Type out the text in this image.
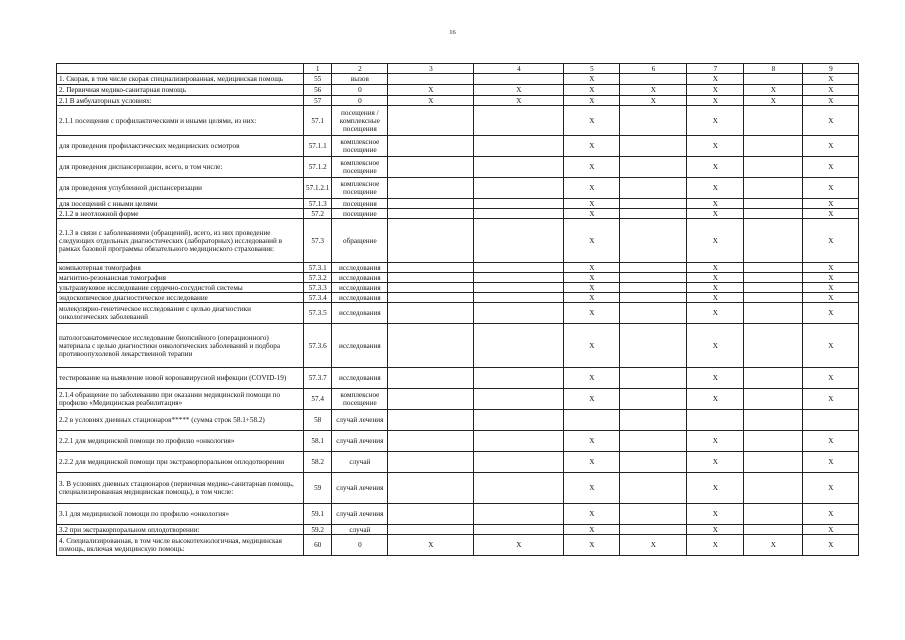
16
	1	2	3	4	5	6	7	8	9
1. Скорая, в том числе скорая специализированная, медицинская помощь	55	вызов			Х		Х		Х
2. Первичная медико-санитарная помощь	56	0	Х	Х	Х	Х	Х	Х	Х
2.1 В амбулаторных условиях:	57	0	Х	Х	Х	Х	Х	Х	Х
2.1.1 посещения с профилактическими и иными целями, из них:	57.1	посещения / комплексные посещения			Х		Х		Х
для проведения профилактических медицинских осмотров	57.1.1	комплексное посещение			Х		Х		Х
для проведения диспансеризации, всего, в том числе:	57.1.2	комплексное посещение			Х		Х		Х
для проведения углубленной диспансеризации	57.1.2.1	комплексное посещение			Х		Х		Х
для посещений с иными целями	57.1.3	посещения			Х		Х		Х
2.1.2 в неотложной форме	57.2	посещение			Х		Х		Х
2.1.3 в связи с заболеваниями (обращений), всего, из них проведение следующих отдельных диагностических (лабораторных) исследований в рамках базовой программы обязательного медицинского страхования:	57.3	обращение			Х		Х		Х
компьютерная томография	57.3.1	исследования			Х		Х		Х
магнитно-резонансная томография	57.3.2	исследования			Х		Х		Х
ультразвуковое исследование сердечно-сосудистой системы	57.3.3	исследования			Х		Х		Х
эндоскопическое диагностическое исследование	57.3.4	исследования			Х		Х		Х
молекулярно-генетическое исследование с целью диагностики онкологических заболеваний	57.3.5	исследования			Х		Х		Х
патологоанатомическое исследование биопсийного (операционного) материала с целью диагностики онкологических заболеваний и подбора противоопухолевой лекарственной терапии	57.3.6	исследования			Х		Х		Х
тестирование на выявление новой коронавирусной инфекции (COVID-19)	57.3.7	исследования			Х		Х		Х
2.1.4 обращение по заболеванию при оказании медицинской помощи по профилю «Медицинская реабилитация»	57.4	комплексное посещение			Х		Х		Х
2.2 в условиях дневных стационаров***** (сумма строк 58.1+58.2)	58	случай лечения							
2.2.1 для медицинской помощи по профилю «онкология»	58.1	случай лечения			Х		Х		Х
2.2.2 для медицинской помощи при экстракорпоральном оплодотворении	58.2	случай			Х		Х		Х
3. В условиях дневных стационаров (первичная медико-санитарная помощь, специализированная медицинская помощь), в том числе:	59	случай лечения			Х		Х		Х
3.1 для медицинской помощи по профилю «онкология»	59.1	случай лечения			Х		Х		Х
3.2 при экстракорпоральном оплодотворении:	59.2	случай			Х		Х		Х
4. Специализированная, в том числе высокотехнологичная, медицинская помощь, включая медицинскую помощь:	60	0	Х	Х	Х	Х	Х	Х	Х
